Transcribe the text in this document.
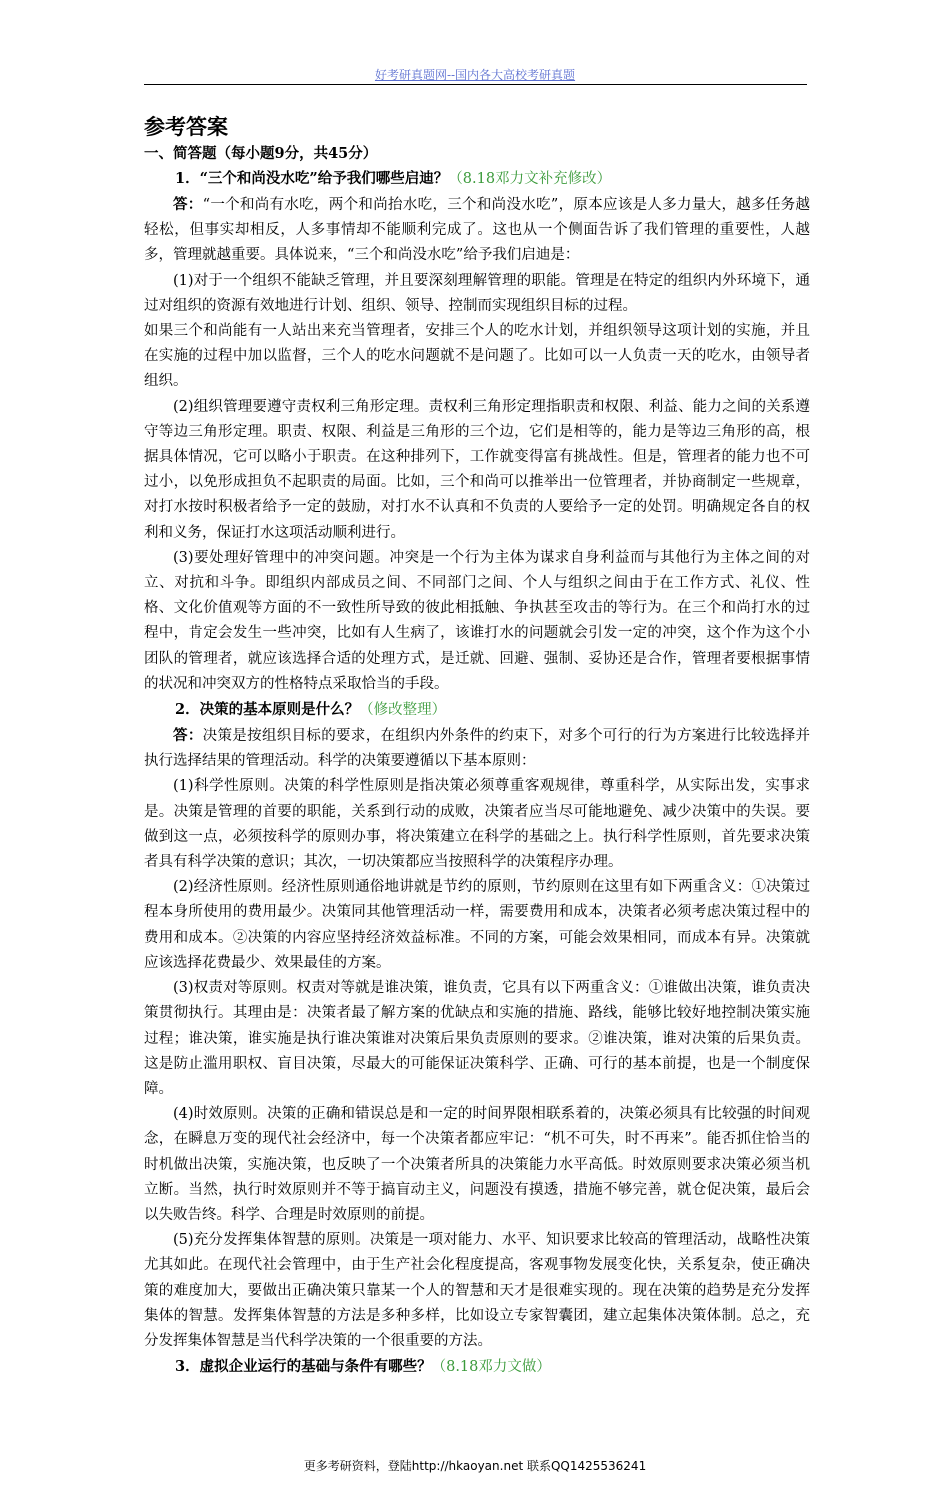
好考研真题网--国内各大高校考研真题
参考答案
一、简答题（每小题9分，共45分）
1．“三个和尚没水吃”给予我们哪些启迪？（8.18邓力文补充修改）

答：“一个和尚有水吃，两个和尚抬水吃，三个和尚没水吃”，原本应该是人多力量大，越多任务越轻松，但事实却相反，人多事情却不能顺利完成了。这也从一个侧面告诉了我们管理的重要性，人越多，管理就越重要。具体说来，“三个和尚没水吃”给予我们启迪是：

(1)对于一个组织不能缺乏管理，并且要深刻理解管理的职能。管理是在特定的组织内外环境下，通过对组织的资源有效地进行计划、组织、领导、控制而实现组织目标的过程。

如果三个和尚能有一人站出来充当管理者，安排三个人的吃水计划，并组织领导这项计划的实施，并且在实施的过程中加以监督，三个人的吃水问题就不是问题了。比如可以一人负责一天的吃水，由领导者组织。

(2)组织管理要遵守责权利三角形定理。责权利三角形定理指职责和权限、利益、能力之间的关系遵守等边三角形定理。职责、权限、利益是三角形的三个边，它们是相等的，能力是等边三角形的高，根据具体情况，它可以略小于职责。在这种排列下，工作就变得富有挑战性。但是，管理者的能力也不可过小，以免形成担负不起职责的局面。比如，三个和尚可以推举出一位管理者，并协商制定一些规章，对打水按时积极者给予一定的鼓励，对打水不认真和不负责的人要给予一定的处罚。明确规定各自的权利和义务，保证打水这项活动顺利进行。

(3)要处理好管理中的冲突问题。冲突是一个行为主体为谋求自身利益而与其他行为主体之间的对立、对抗和斗争。即组织内部成员之间、不同部门之间、个人与组织之间由于在工作方式、礼仪、性格、文化价值观等方面的不一致性所导致的彼此相抵触、争执甚至攻击的等行为。在三个和尚打水的过程中，肯定会发生一些冲突，比如有人生病了，该谁打水的问题就会引发一定的冲突，这个作为这个小团队的管理者，就应该选择合适的处理方式，是迁就、回避、强制、妥协还是合作，管理者要根据事情的状况和冲突双方的性格特点采取恰当的手段。

2．决策的基本原则是什么？（修改整理）

答：决策是按组织目标的要求，在组织内外条件的约束下，对多个可行的行为方案进行比较选择并执行选择结果的管理活动。科学的决策要遵循以下基本原则：

(1)科学性原则。决策的科学性原则是指决策必须尊重客观规律，尊重科学，从实际出发，实事求是。决策是管理的首要的职能，关系到行动的成败，决策者应当尽可能地避免、减少决策中的失误。要做到这一点，必须按科学的原则办事，将决策建立在科学的基础之上。执行科学性原则，首先要求决策者具有科学决策的意识；其次，一切决策都应当按照科学的决策程序办理。

(2)经济性原则。经济性原则通俗地讲就是节约的原则，节约原则在这里有如下两重含义：①决策过程本身所使用的费用最少。决策同其他管理活动一样，需要费用和成本，决策者必须考虑决策过程中的费用和成本。②决策的内容应坚持经济效益标准。不同的方案，可能会效果相同，而成本有异。决策就应该选择花费最少、效果最佳的方案。

(3)权责对等原则。权责对等就是谁决策，谁负责，它具有以下两重含义：①谁做出决策，谁负责决策贯彻执行。其理由是：决策者最了解方案的优缺点和实施的措施、路线，能够比较好地控制决策实施过程；谁决策，谁实施是执行谁决策谁对决策后果负责原则的要求。②谁决策，谁对决策的后果负责。这是防止滥用职权、盲目决策，尽最大的可能保证决策科学、正确、可行的基本前提，也是一个制度保障。

(4)时效原则。决策的正确和错误总是和一定的时间界限相联系着的，决策必须具有比较强的时间观念，在瞬息万变的现代社会经济中，每一个决策者都应牢记：“机不可失，时不再来”。能否抓住恰当的时机做出决策，实施决策，也反映了一个决策者所具的决策能力水平高低。时效原则要求决策必须当机立断。当然，执行时效原则并不等于搞盲动主义，问题没有摸透，措施不够完善，就仓促决策，最后会以失败告终。科学、合理是时效原则的前提。

(5)充分发挥集体智慧的原则。决策是一项对能力、水平、知识要求比较高的管理活动，战略性决策尤其如此。在现代社会管理中，由于生产社会化程度提高，客观事物发展变化快，关系复杂，使正确决策的难度加大，要做出正确决策只靠某一个人的智慧和天才是很难实现的。现在决策的趋势是充分发挥集体的智慧。发挥集体智慧的方法是多种多样，比如设立专家智囊团，建立起集体决策体制。总之，充分发挥集体智慧是当代科学决策的一个很重要的方法。

3．虚拟企业运行的基础与条件有哪些？（8.18邓力文做）
更多考研资料，登陆http://hkaoyan.net 联系QQ1425536241
